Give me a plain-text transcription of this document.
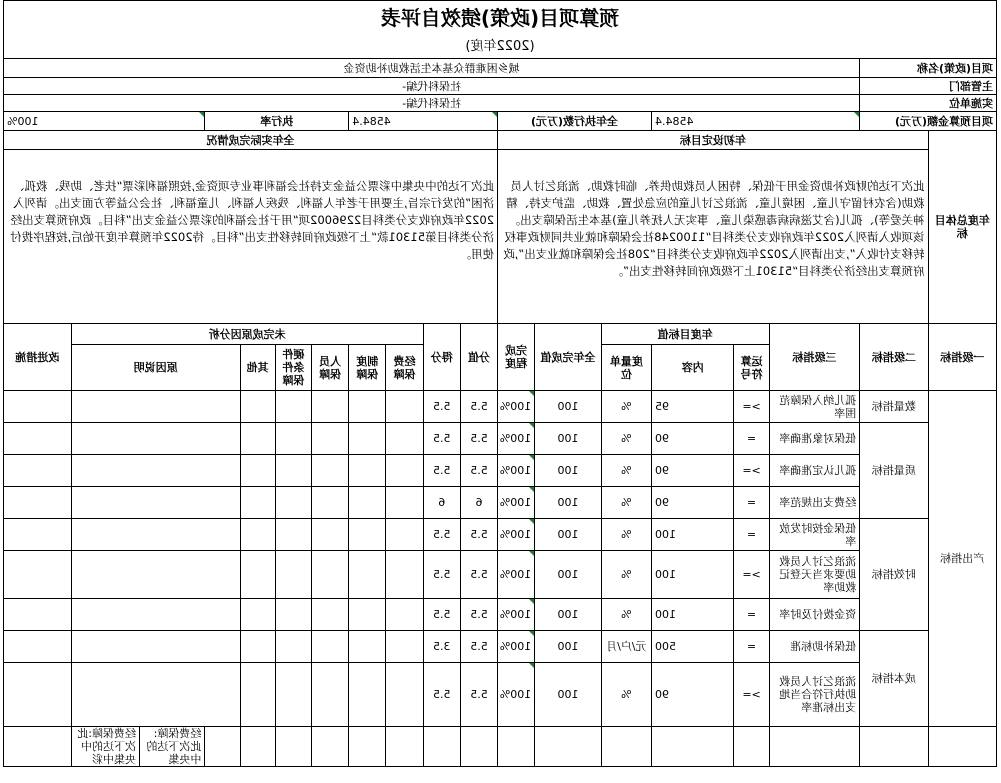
预算项目(政策)绩效自评表																		
(2022年度)																		
项目(政策)名称		城乡困难群众基本生活救助补助资金																
主管部门		社保科代编-																
实施单位		社保科代编-																
项目预算金额(万元)		4584.4			全年执行数(万元)			4584.4				执行率				100%		
年度总体目标	年初设定目标							全年实际完成情况										
	此次下达的财政补助资金用于低保、特困人员救助供养、临时救助、流浪乞讨人员救助(含农村留守儿童、困境儿童、流浪乞讨儿童的应急处置、救助、监护支持、精神关爱等)、孤儿(含艾滋病病毒感染儿童、事实无人抚养儿童)基本生活保障支出。该项收入请列入2022年政府收支分类科目“1100248社会保障和就业共同财政事权转移支付收入”,支出请列入2022年政府收支分类科目“208社会保障和就业支出”,政府预算支出经济分类科目“51301上下级政府间转移性支出”。							此次下达的中央集中彩票公益金支持社会福利事业专项资金,按照福利彩票“扶老、助残、救孤、济困”的发行宗旨,主要用于老年人福利、残疾人福利、儿童福利、社会公益等方面支出。请列入2022年政府收支分类科目2296002项“用于社会福利的彩票公益金支出”科目。政府预算支出经济分类科目第51301款“上下级政府间转移性支出”科目。待2022年预算年度开始后,按程序拨付使用。										
一级指标	二级指标	三级指标	年度目标值			全年完成值	完成程度	分值	得分	未完成原因分析								改进措施
			运算符号	内容	度量单位					经费保障	制度保障	人员保障	硬件条件保障	其他	原因说明			
产出指标	数量指标	孤儿纳入保障范围率	>=	95	%	100	100%	5.5	5.5									
	质量指标	低保对象准确率	=	90	%	100	100%	5.5	5.5									
		孤儿认定准确率	>=	90	%	100	100%	5.5	5.5									
		经费支出规范率	=	90	%	100	100%	6	6									
	时效指标	低保金按时发放率	=	100	%	100	100%	5.5	5.5									
		流浪乞讨人员救助要求当天登记救助率	>=	100	%	100	100%	5.5	5.5									
		资金拨付及时率	=	100	%	100	100%	5.5	5.5									
	成本指标	低保补助标准	=	500	元/户/月	100	100%	5.5	3.5									
		流浪乞讨人员救助执行符合当地支出标准率	>=	90	%	100	100%	5.5	5.5									
																经费保障:此次下达的中央集	经费保障:此次下达的中央集中彩	
